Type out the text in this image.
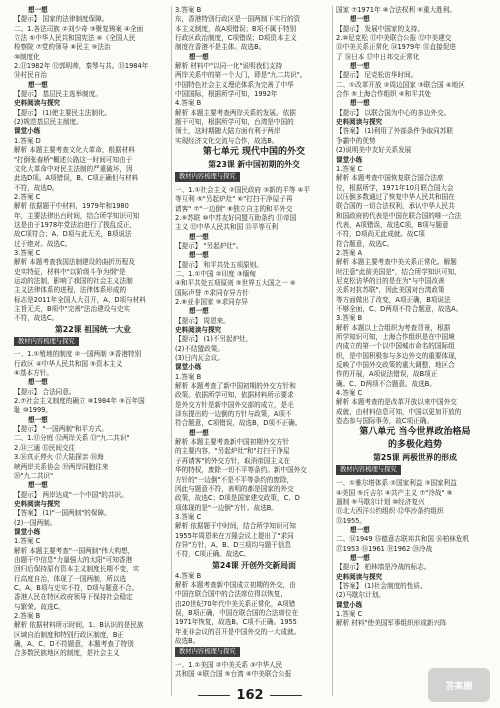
想一想
【提示】 国家的法律制度保障。
二、1.各法司族 ②刘少奇 ③聚复铸案 ④全面
立法 ⑤中华人民共和国宪法 ⑥《全国人民
检察院 ⑦党的领导 ⑧民主 ⑨法治
⑩制度化
2.⑪1982年 ⑫郭明帅，秦琴与共。⑬1984年
⑭村民自治
想一想
【提示】 基层民主选举制度。
史料阅读与探究
【提示】 (1)使主要民主法制化。
(2)规范基层民主制度。
课堂小练
1.答案 D
解析 本题主要考查文化大革命，根据材料
"打倒张春桥"概述公路这一时间可知由于
文化大革命中对民主法制的严重破坏，因
此选D项。A项错误，B、C项正确但与材料
不符，故选D。
2.答案 C
解析 依据题干中材料，1979年和1980
年，主要法律出台时间，结合所学知识可知
这是由于1978年党法治进行了拨乱反正，
故C项符合；A、D项与此无关，B项说法
过于绝对。故选C。
3.答案 C
解析 本题考查我国法制建设的曲折历程及
史实特征，材料中"以阶级斗争为纲"是
运动的法制，影响了我国的社会主义法制
主义法律体系的进程，法律体系形成的
标志是2011年全国人大召开，A、D项与材料
主旨无关，B项中"完善"法治建设与史实
不符，故选C。
第22课 祖国统一大业
教材内容梳理与探究
一、1.①殖地的制度 ②一国两制 ③香港特别
行政区 ④中华人民共和国 ⑤资本主义
⑥基本方针。
想一想
【提示】 合法同意。
2.⑦社会主义制度的确立 ⑧1984年 ⑨百年国
耻 ⑩1999。
想一想
【提示】 "一国两制"和平方式。
二、1.⑪分庭 ⑫两岸关系 ⑬"九二共识"
2.⑭三通 ⑮民间交往
3.⑯真正停火 ⑰大陆探亲 ⑱海
峡两岸关系协会 ⑲两岸同胞往来
⑳"九二共识"
想一想
【提示】 两岸达成"一个中国"的共识。
史料阅读与探究
【答案】 (1)"一国两制"的保障。
(2)一国两制。
课堂小练
1.答案 C
解析 本题主要考查"一国两制"伟大构想，
由题干中信息"力量强大的太阳"可知香港
回归后保持原有资本主义制度长期不变，实
行高度自治，体现了一国两制，所以选
C。A、B项与史实不符，D项与题意不合。
香港人民在特区政府领导下保持社会稳定
与繁荣。故选C。
2.答案 B
解析 依据材料所示时间，1、B认识的是民族
区域自治制度和特别行政区制度，B正
确，A、C、D不符题意，本题考查了特别
合多数民族地区的制度，是社会主义
3.答案 B
东，香港特别行政区是一国两制下实行的资
本主义制度，故A项错误；B项不属于特别
行政区政治制度，C项错误；D项资本主义
制度在香港不是主体。故选B。
想一想
解析 材料中"以同一化"说明我们支持
两岸关系中的第一个大门，即是"九二共识"。
中国特色社会主义理论体系为完善了中华
中国国际，根据所学可知，1992年
4.答案 B
解析 本题主要考查两岸关系的发展。依据
题干可知，根据所学可知，台湾是中国的
领土，这时期随大陆方面有利于两岸
实现经济文化交流与合作，故选B。
第七单元 现代中国的外交
第23课 新中国初期的外交
教材内容梳理与探究
一、1.①社会主义 ②国民政府 ③新的平等 ④平
等互利 ⑤"另起炉灶" ⑥"打扫干净屋子再
请客" ⑦"一边倒" ⑧独立自主的和平外交
2.⑨苏联 ⑩中苏友好同盟互助条约 ⑪帝国
主义 ⑫中华人民共和国 ⑬平等互利
想一想
【提示】 "另起炉灶"。
想一想
【提示】 和平共处五项原则。
二、1.①中国 ②印度 ③缅甸
④和平共处五项原则 ⑤世界五大国之一 ⑥
国际声誉 ⑦求同存异方针
2.⑧亚非国家 ⑨求同存异
想一想
【提示】 周恩来。
史料阅读与探究
【提示】 (1)不另起炉灶，
(2)不结盟政策。
(3)日内瓦会议。
课堂小练
1.答案 B
解析 本题考查了新中国初期的外交方针和
政策。依据所学可知，依据材料所示要求
是外交方针是新中国外交部的成立，是毛
泽东提出的一边倒的方针与政策，A项不
符合题意，C项错误，故选B，D项不正确。
想一想
解析 本题主要考查新中国初期外交方针
的主要内容，"另起炉灶"和"打扫干净屋
子再请客"的外交方针，取消帝国主义在
华的特权，废除一切不平等条约。新中国外交
方针的"一边倒"不是不平等条约的废除，
因此与题意不符，表明的都是国家的外交
政策，故选C；D项是国家建交政策，C、D
项体现的是"一边倒"方针。故选B。
3.答案 C
解析 依据题干中时间，结合所学知识可知
1955年周恩来在万隆会议上提出了"求同
存异"方针，A、B、D三项均与题干信息
不符，C项正确。故选C。
第24课 开创外交新局面
4.答案 B
解析 本题考查新中国成立初期的外交，由
中国在联合国中的合法席位得以恢复，
由20世纪70年代中美关系正常化，A项错
误，B项正确，中国在联合国的合法席位在
1971年恢复，故选B。C项不正确。1955
年亚非会议的召开是中国外交的一大成就。
故选B。
教材内容梳理与探究
一、1.①美国 ②中美关系 ③中华人民
共和国 ④联合国 ⑤台湾 ⑥中美联合公报
国家 ⑦1971年 ⑧合法权利 ⑨重大胜利。
想一想
【提示】 发展中国家的支持。
2.⑩尼克松 ⑪中美联合公报 ⑫中美建交
⑬中美关系正常化 ⑭1979年 ⑮直接促进
了 ⑯日本 ⑰中日邦交正常化
想一想
【提示】 尼克松访华时间。
二、①改革开放 ②周边国家 ③联合国 ④地区
合作 ⑤上海合作组织 ⑥和平共处
想一想
【提示】 以联合国为中心的多边外交。
史料阅读与探究
【答案】 (1)利用了外部条件争取同苏联
争霸中的优势
(2)说明美中友好关系发展
课堂小练
1.答案 C
解析 本题考查中国恢复联合国合法席
位，根据所学，1971年10月联合国大会
以压倒多数通过了恢复中华人民共和国在
联合国的一切合法权利，承认中华人民共
和国政府的代表是中国在联合国的唯一合法
代表，A项错误，故选C项，B项与题意
不符，D项尚无此成就。故C项
符合题意，故选C。
2.答案 A
解析 本题主要考查中美关系正常化。解题
时注意"此前美国是"，结合所学知识可知，
尼克松访华的目的是在为"与中国改善
关系对抗苏联"，因此美国对台湾政策
等方面做出了改变，A项正确，B项说法
不够全面，C、D两项不符合题意，故选A。
3.答案 B
解析 本题以上合组织为考查背景，根据
所学知识可知，上海合作组织是在中国境
内成立的第一个以中国城市命名的国际组
织，是中国积极参与多边外交的重要体现，
反映了中国外交政策的重大调整，地区合
作的开展，A项说法错误，故B项正
确。C、D两项不合题意。故选B。
4.答案 C
解析 本题考查的是改革开放以来中国外交
成就，由材料信息可知，中国以更加开放的
姿态参与国际事务，故C项正确。
第八单元 当今世界政治格局
的多极化趋势
第25课 两极世界的形成
教材内容梳理与探究
一、①雅尔塔体系 ②国家利益 ③国家利益
④美国 ⑤丘吉尔 ⑥共产主义 ⑦"冷战" ⑧
遏制 ⑨马歇尔计划 ⑩经济复兴
⑪北大西洋公约组织 ⑫华沙条约组织
⑬1955。
想一想
二、⑭1949 ⑮德意志联邦共和国 ⑯柏林危机
⑰1953 ⑱1961 ⑲1962 ⑳冷战
想一想
【提示】 柏林墙是冷战的标志。
史料阅读与探究
【答案】 (1)社会制度的性质。
(2)马歇尔计划。
课堂小练
1.答案 C
解析 材料"使美国军事组织形成新兴阵
162
答案圈
